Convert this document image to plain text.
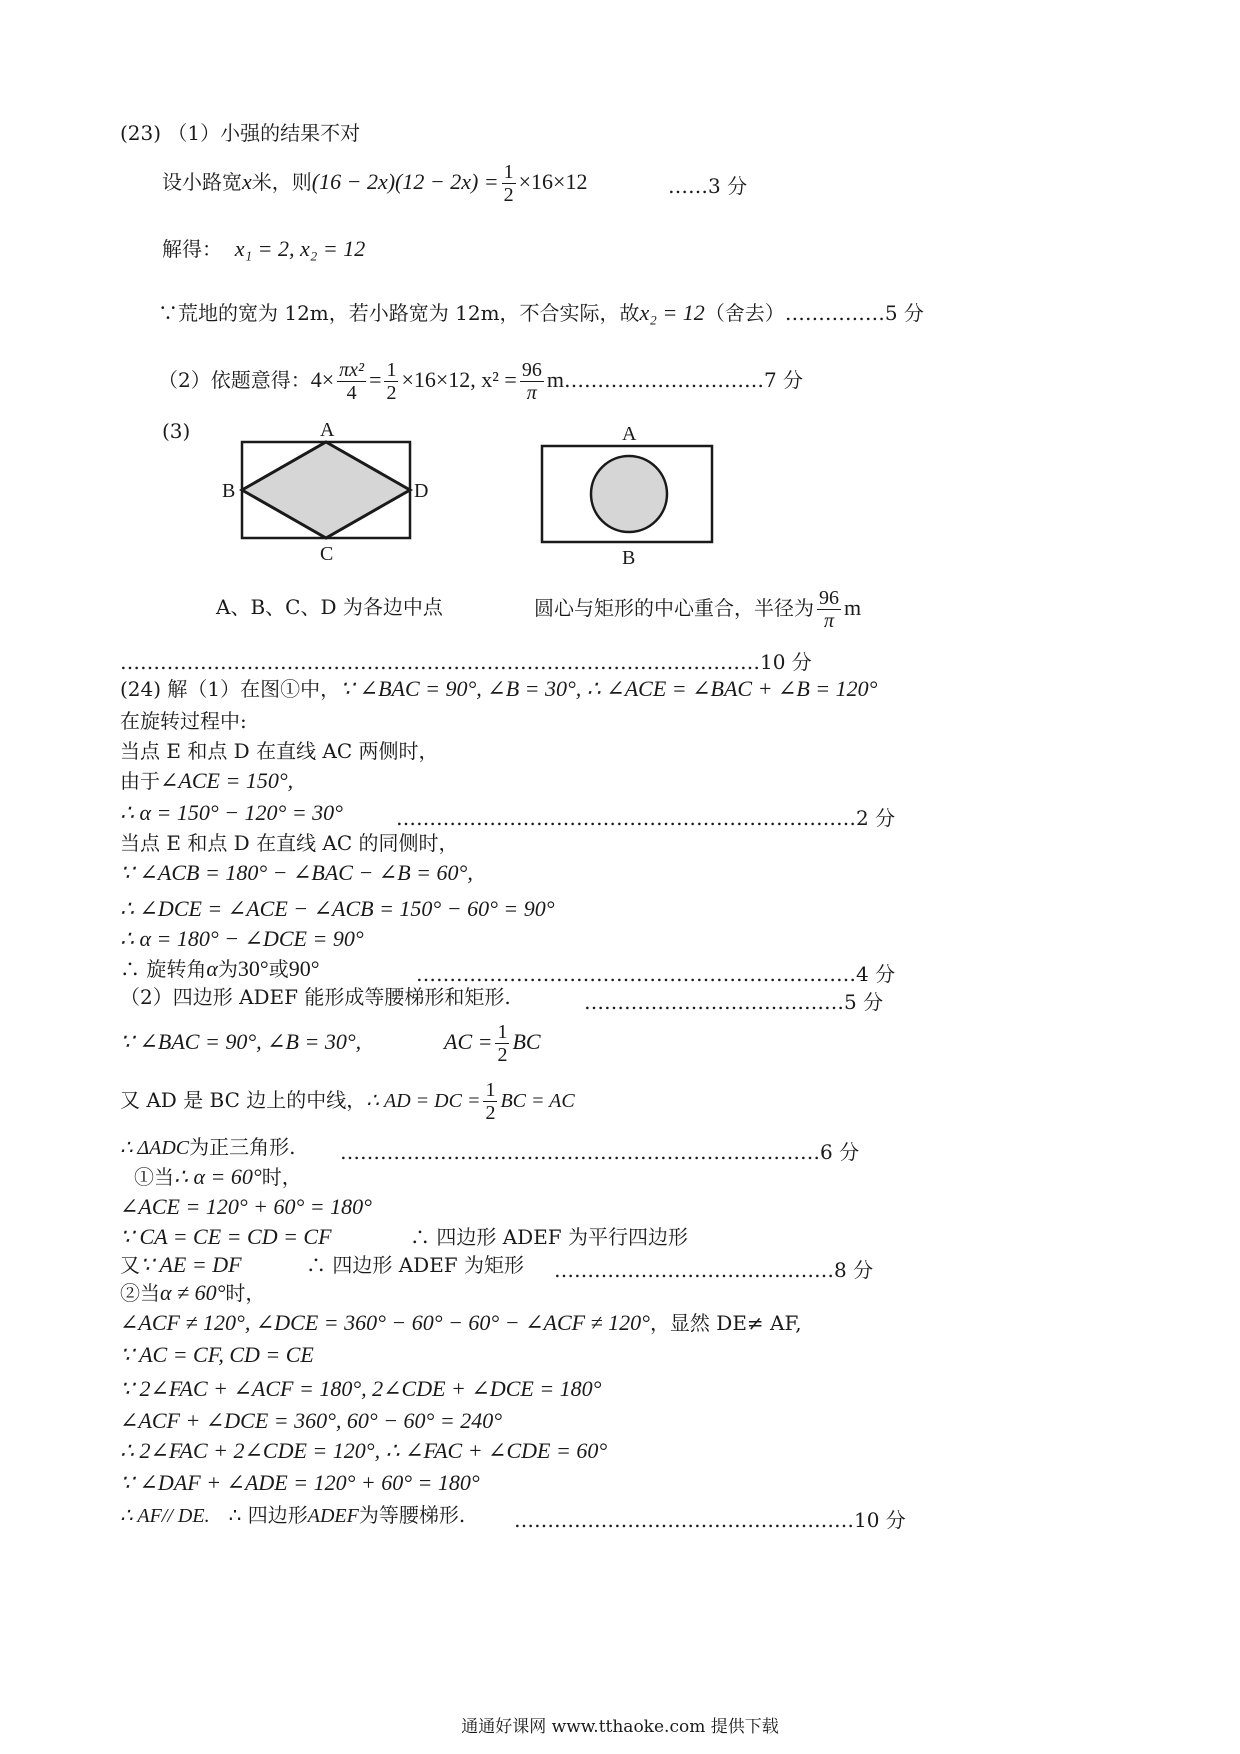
(23) （1）小强的结果不对
设小路宽x米，则$(16 - 2x)(12 - 2x) = \frac{1}{2} \times 16\times 12$	……3 分
解得： x₁ = 2, x₂ = 12
∵荒地的宽为 12m，若小路宽为 12m，不合实际，故x₂ = 12（舍去）……………5 分
（2）依题意得：$4\times \frac{\text{πx²}}{4} = \frac{1}{2} \times 16\times 12$, $x^2 = \frac{96}{\pi}$ m…………………………7 分
(3)	A
B
C
D
A
B
A、B、C、D 为各边中点	圆心与矩形的中心重合，半径为 $\frac{96}{\pi}$ m
……………………………………………………………………………………10 分
(24) 解（1）在图①中，∵ ∠BAC = 90°, ∠B = 30°, ∴ ∠ACE = ∠BAC + ∠B = 120°
在旋转过程中:
当点 E 和点 D 在直线 AC 两侧时，
由于∠ACE = 150°,
∴ α = 150° − 120° = 30°	……………………………………………………………2 分
当点 E 和点 D 在直线 AC 的同侧时，
∵ ∠ACB = 180° − ∠BAC − ∠B = 60°,
∴ ∠DCE = ∠ACE − ∠ACB = 150° − 60° = 90°
∴ α = 180° − ∠DCE = 90°
∴ 旋转角α为30°或90°	…………………………………………………………4 分
（2）四边形 ADEF 能形成等腰梯形和矩形.	…………………………………5 分
∵ ∠BAC = 90°, ∠B = 30°,	AC = $\frac{1}{2}$ BC
又 AD 是 BC 边上的中线，∴ AD = DC = $\frac{1}{2}$ BC = AC
∴ ΔADC为正三角形. ………………………………………………………………6 分
①当∴ α = 60°时，
∠ACE = 120° + 60° = 180°
∵ CA = CE = CD = CF	∴ 四边形 ADEF 为平行四边形
又∵ AE = DF	∴ 四边形 ADEF 为矩形 ……………………………………8 分
②当α ≠ 60°时，
∠ACF ≠ 120°, ∠DCE = 360° − 60° − 60° − ∠ACF ≠ 120°，显然 DE≠ AF,
∵ AC = CF, CD = CE
∵ 2∠FAC + ∠ACF = 180°, 2∠CDE + ∠DCE = 180°
∠ACF + ∠DCE = 360°, 60° − 60° = 240°
∴ 2∠FAC + 2∠CDE = 120°, ∴ ∠FAC + ∠CDE = 60°
∵ ∠DAF + ∠ADE = 120° + 60° = 180°
∴ AF// DE. ∴ 四边形ADEF为等腰梯形. ……………………………………………10 分
通通好课网 www.tthaoke.com 提供下载
